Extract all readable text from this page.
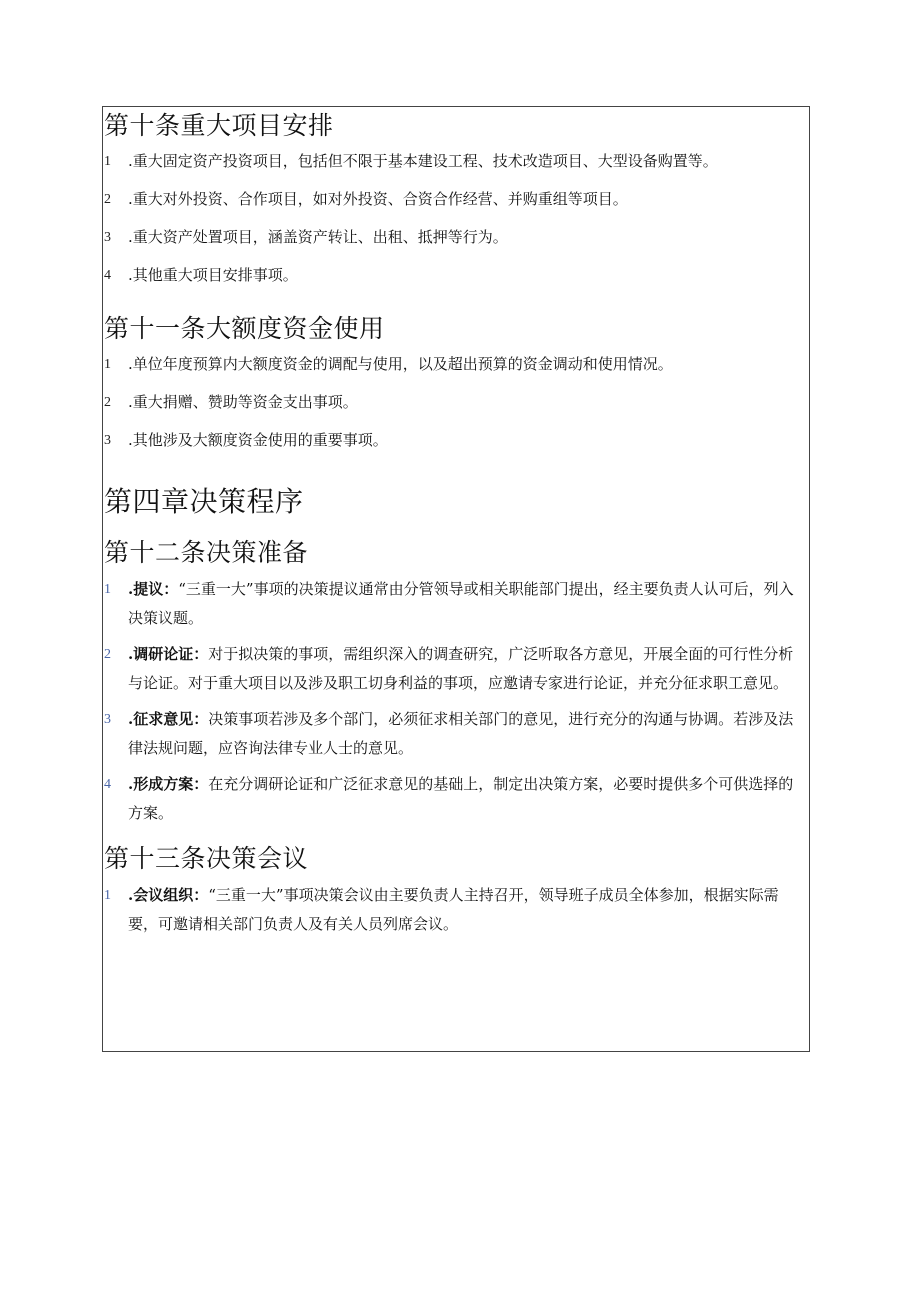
第十条重大项目安排
1	.重大固定资产投资项目，包括但不限于基本建设工程、技术改造项目、大型设备购置等。
2	.重大对外投资、合作项目，如对外投资、合资合作经营、并购重组等项目。
3	.重大资产处置项目，涵盖资产转让、出租、抵押等行为。
4	.其他重大项目安排事项。
第十一条大额度资金使用
1	.单位年度预算内大额度资金的调配与使用，以及超出预算的资金调动和使用情况。
2	.重大捐赠、赞助等资金支出事项。
3	.其他涉及大额度资金使用的重要事项。
第四章决策程序
第十二条决策准备

1	.提议：“三重一大”事项的决策提议通常由分管领导或相关职能部门提出，经主要负责人认可后，列入决策议题。

2	.调研论证：对于拟决策的事项，需组织深入的调查研究，广泛听取各方意见，开展全面的可行性分析与论证。对于重大项目以及涉及职工切身利益的事项，应邀请专家进行论证，并充分征求职工意见。

3	.征求意见：决策事项若涉及多个部门，必须征求相关部门的意见，进行充分的沟通与协调。若涉及法律法规问题，应咨询法律专业人士的意见。

4	.形成方案：在充分调研论证和广泛征求意见的基础上，制定出决策方案，必要时提供多个可供选择的方案。

第十三条决策会议

1	.会议组织：“三重一大”事项决策会议由主要负责人主持召开，领导班子成员全体参加，根据实际需要，可邀请相关部门负责人及有关人员列席会议。
